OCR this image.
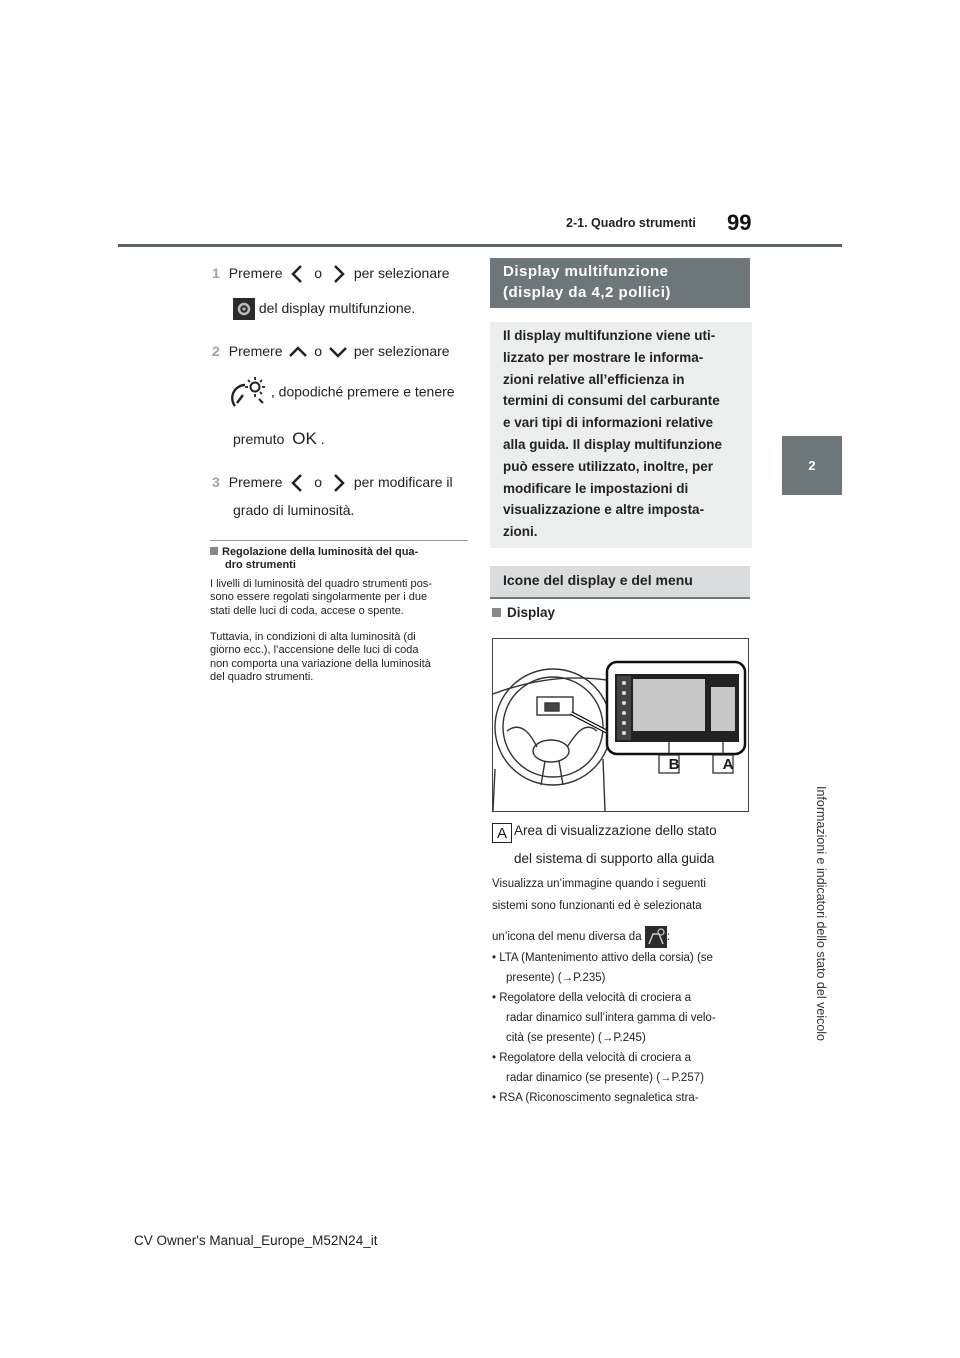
99
2-1. Quadro strumenti
2
Informazioni e indicatori dello stato del veicolo
1 Premere o per selezionare
del display multifunzione.
2 Premere o per selezionare
, dopodiché premere e tenere
premuto OK .
3 Premere o per modificare il
grado di luminosità.
Regolazione della luminosità del qua-
dro strumenti
I livelli di luminosità del quadro strumenti pos-
sono essere regolati singolarmente per i due
stati delle luci di coda, accese o spente.
Tuttavia, in condizioni di alta luminosità (di
giorno ecc.), l’accensione delle luci di coda
non comporta una variazione della luminosità
del quadro strumenti.
Display multifunzione
(display da 4,2 pollici)
Il display multifunzione viene uti-
lizzato per mostrare le informa-
zioni relative all’efficienza in
termini di consumi del carburante
e vari tipi di informazioni relative
alla guida. Il display multifunzione
può essere utilizzato, inoltre, per
modificare le impostazioni di
visualizzazione e altre imposta-
zioni.
Icone del display e del menu
Display
B	A
A Area di visualizzazione dello stato
del sistema di supporto alla guida
Visualizza un’immagine quando i seguenti
sistemi sono funzionanti ed è selezionata
un’icona del menu diversa da :
• LTA (Mantenimento attivo della corsia) (se
presente) (→P.235)
• Regolatore della velocità di crociera a
radar dinamico sull’intera gamma di velo-
cità (se presente) (→P.245)
• Regolatore della velocità di crociera a
radar dinamico (se presente) (→P.257)
• RSA (Riconoscimento segnaletica stra-
CV Owner's Manual_Europe_M52N24_it
